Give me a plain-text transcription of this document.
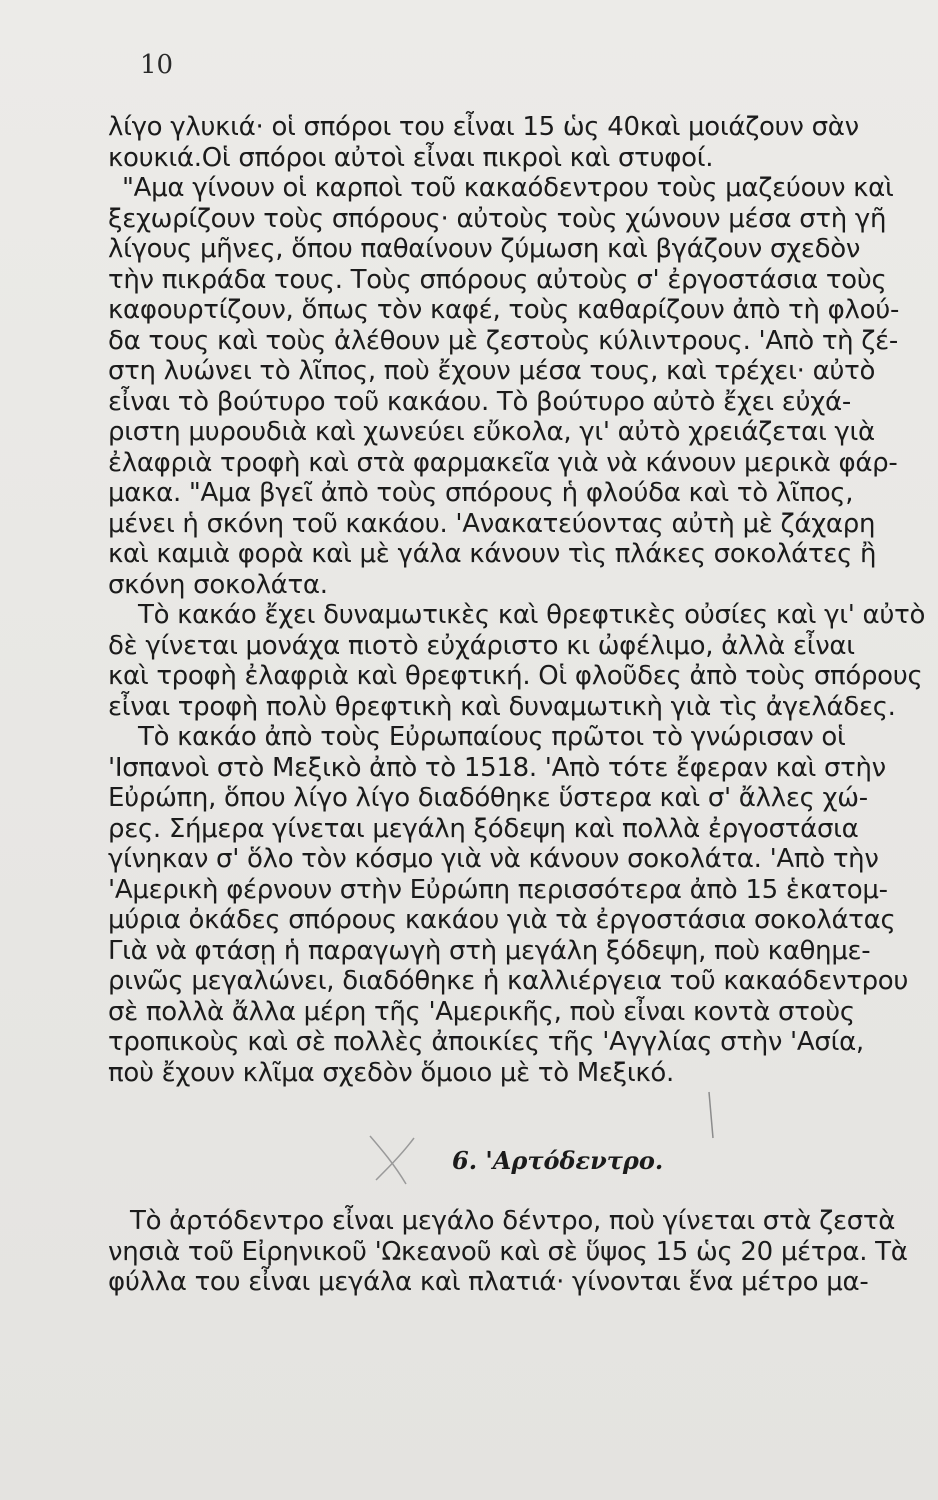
10
λίγο γλυκιά· οἱ σπόροι του εἶναι 15 ὡς 40καὶ μοιάζουν σὰν
κουκιά.Οἱ σπόροι αὐτοὶ εἶναι πικροὶ καὶ στυφοί.
"Αμα γίνουν οἱ καρποὶ τοῦ κακαόδεντρου τοὺς μαζεύουν καὶ
ξεχωρίζουν τοὺς σπόρους· αὐτοὺς τοὺς χώνουν μέσα στὴ γῆ
λίγους μῆνες, ὅπου παθαίνουν ζύμωση καὶ βγάζουν σχεδὸν
τὴν πικράδα τους. Τοὺς σπόρους αὐτοὺς σ' ἐργοστάσια τοὺς
καφουρτίζουν, ὅπως τὸν καφέ, τοὺς καθαρίζουν ἀπὸ τὴ φλού-
δα τους καὶ τοὺς ἀλέθουν μὲ ζεστοὺς κύλιντρους. 'Απὸ τὴ ζέ-
στη λυώνει τὸ λῖπος, ποὺ ἔχουν μέσα τους, καὶ τρέχει· αὐτὸ
εἶναι τὸ βούτυρο τοῦ κακάου. Τὸ βούτυρο αὐτὸ ἔχει εὐχά-
ριστη μυρουδιὰ καὶ χωνεύει εὔκολα, γι' αὐτὸ χρειάζεται γιὰ
ἐλαφριὰ τροφὴ καὶ στὰ φαρμακεῖα γιὰ νὰ κάνουν μερικὰ φάρ-
μακα. "Αμα βγεῖ ἀπὸ τοὺς σπόρους ἡ φλούδα καὶ τὸ λῖπος,
μένει ἡ σκόνη τοῦ κακάου. 'Ανακατεύοντας αὐτὴ μὲ ζάχαρη
καὶ καμιὰ φορὰ καὶ μὲ γάλα κάνουν τὶς πλάκες σοκολάτες ἢ
σκόνη σοκολάτα.
Τὸ κακάο ἔχει δυναμωτικὲς καὶ θρεφτικὲς οὐσίες καὶ γι' αὐτὸ
δὲ γίνεται μονάχα πιοτὸ εὐχάριστο κι ὠφέλιμο, ἀλλὰ εἶναι
καὶ τροφὴ ἐλαφριὰ καὶ θρεφτική. Οἱ φλοῦδες ἀπὸ τοὺς σπόρους
εἶναι τροφὴ πολὺ θρεφτικὴ καὶ δυναμωτικὴ γιὰ τὶς ἀγελάδες.
Τὸ κακάο ἀπὸ τοὺς Εὐρωπαίους πρῶτοι τὸ γνώρισαν οἱ
'Ισπανοὶ στὸ Μεξικὸ ἀπὸ τὸ 1518. 'Απὸ τότε ἔφεραν καὶ στὴν
Εὐρώπη, ὅπου λίγο λίγο διαδόθηκε ὕστερα καὶ σ' ἄλλες χώ-
ρες. Σήμερα γίνεται μεγάλη ξόδεψη καὶ πολλὰ ἐργοστάσια
γίνηκαν σ' ὅλο τὸν κόσμο γιὰ νὰ κάνουν σοκολάτα. 'Απὸ τὴν
'Αμερικὴ φέρνουν στὴν Εὐρώπη περισσότερα ἀπὸ 15 ἑκατομ-
μύρια ὀκάδες σπόρους κακάου γιὰ τὰ ἐργοστάσια σοκολάτας
Γιὰ νὰ φτάσῃ ἡ παραγωγὴ στὴ μεγάλη ξόδεψη, ποὺ καθημε-
ρινῶς μεγαλώνει, διαδόθηκε ἡ καλλιέργεια τοῦ κακαόδεντρου
σὲ πολλὰ ἄλλα μέρη τῆς 'Αμερικῆς, ποὺ εἶναι κοντὰ στοὺς
τροπικοὺς καὶ σὲ πολλὲς ἀποικίες τῆς 'Αγγλίας στὴν 'Ασία,
ποὺ ἔχουν κλῖμα σχεδὸν ὅμοιο μὲ τὸ Μεξικό.
6. 'Αρτόδεντρο.
Τὸ ἀρτόδεντρο εἶναι μεγάλο δέντρο, ποὺ γίνεται στὰ ζεστὰ
νησιὰ τοῦ Εἰρηνικοῦ 'Ωκεανοῦ καὶ σὲ ὕψος 15 ὡς 20 μέτρα. Τὰ
φύλλα του εἶναι μεγάλα καὶ πλατιά· γίνονται ἕνα μέτρο μα-
